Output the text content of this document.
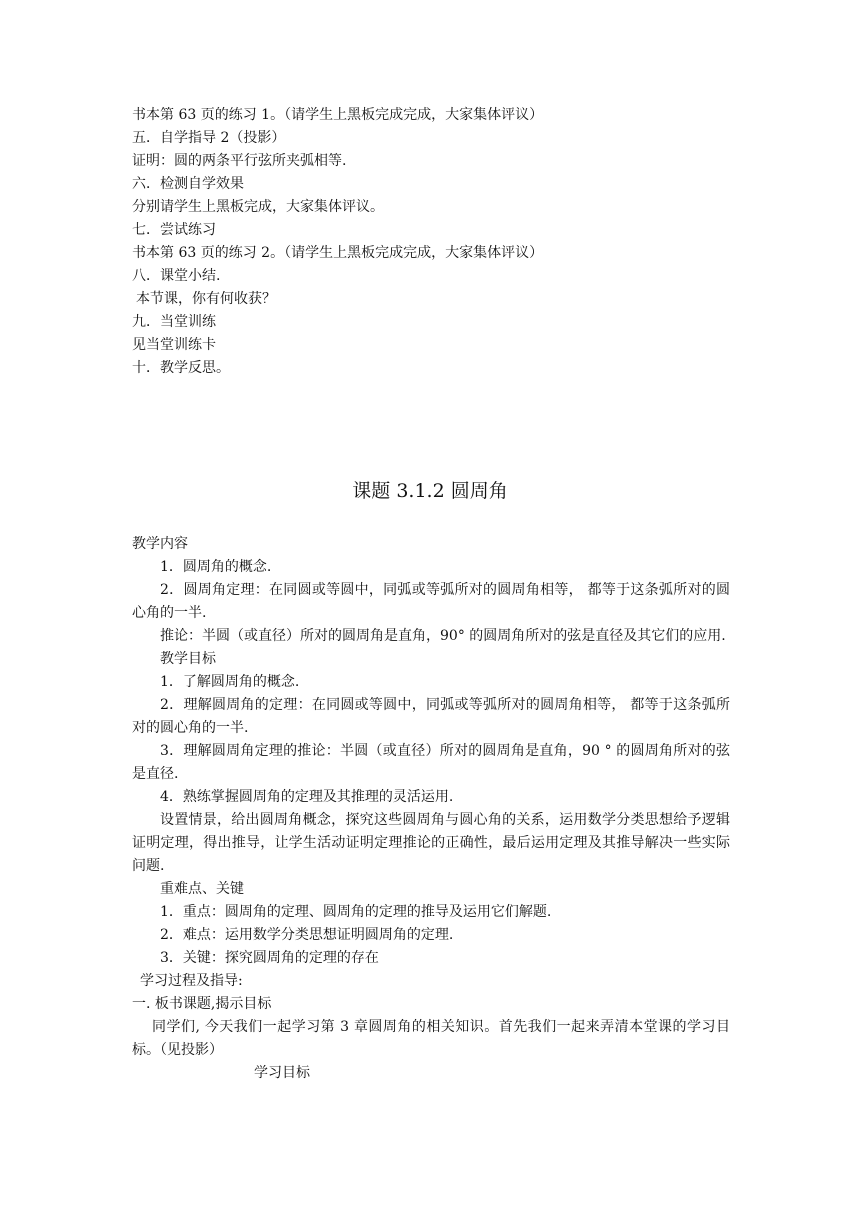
书本第 63 页的练习 1。（请学生上黑板完成完成，大家集体评议）
五．自学指导 2（投影）
证明：圆的两条平行弦所夹弧相等.
六．检测自学效果
分别请学生上黑板完成，大家集体评议。
七．尝试练习
书本第 63 页的练习 2。（请学生上黑板完成完成，大家集体评议）
八．课堂小结.
本节课，你有何收获？
九．当堂训练
见当堂训练卡
十．教学反思。
课题 3.1.2 圆周角
教学内容
1．圆周角的概念.
2．圆周角定理：在同圆或等圆中，同弧或等弧所对的圆周角相等， 都等于这条弧所对的圆心角的一半.
推论：半圆（或直径）所对的圆周角是直角，90° 的圆周角所对的弦是直径及其它们的应用.
教学目标
1．了解圆周角的概念.
2．理解圆周角的定理：在同圆或等圆中，同弧或等弧所对的圆周角相等， 都等于这条弧所对的圆心角的一半.
3．理解圆周角定理的推论：半圆（或直径）所对的圆周角是直角，90 ° 的圆周角所对的弦是直径.
4．熟练掌握圆周角的定理及其推理的灵活运用.
设置情景，给出圆周角概念，探究这些圆周角与圆心角的关系，运用数学分类思想给予逻辑证明定理，得出推导，让学生活动证明定理推论的正确性，最后运用定理及其推导解决一些实际问题.
重难点、关键
1．重点：圆周角的定理、圆周角的定理的推导及运用它们解题.
2．难点：运用数学分类思想证明圆周角的定理.
3．关键：探究圆周角的定理的存在
学习过程及指导:
一. 板书课题,揭示目标
同学们, 今天我们一起学习第 3 章圆周角的相关知识。首先我们一起来弄清本堂课的学习目标。（见投影）
学习目标
